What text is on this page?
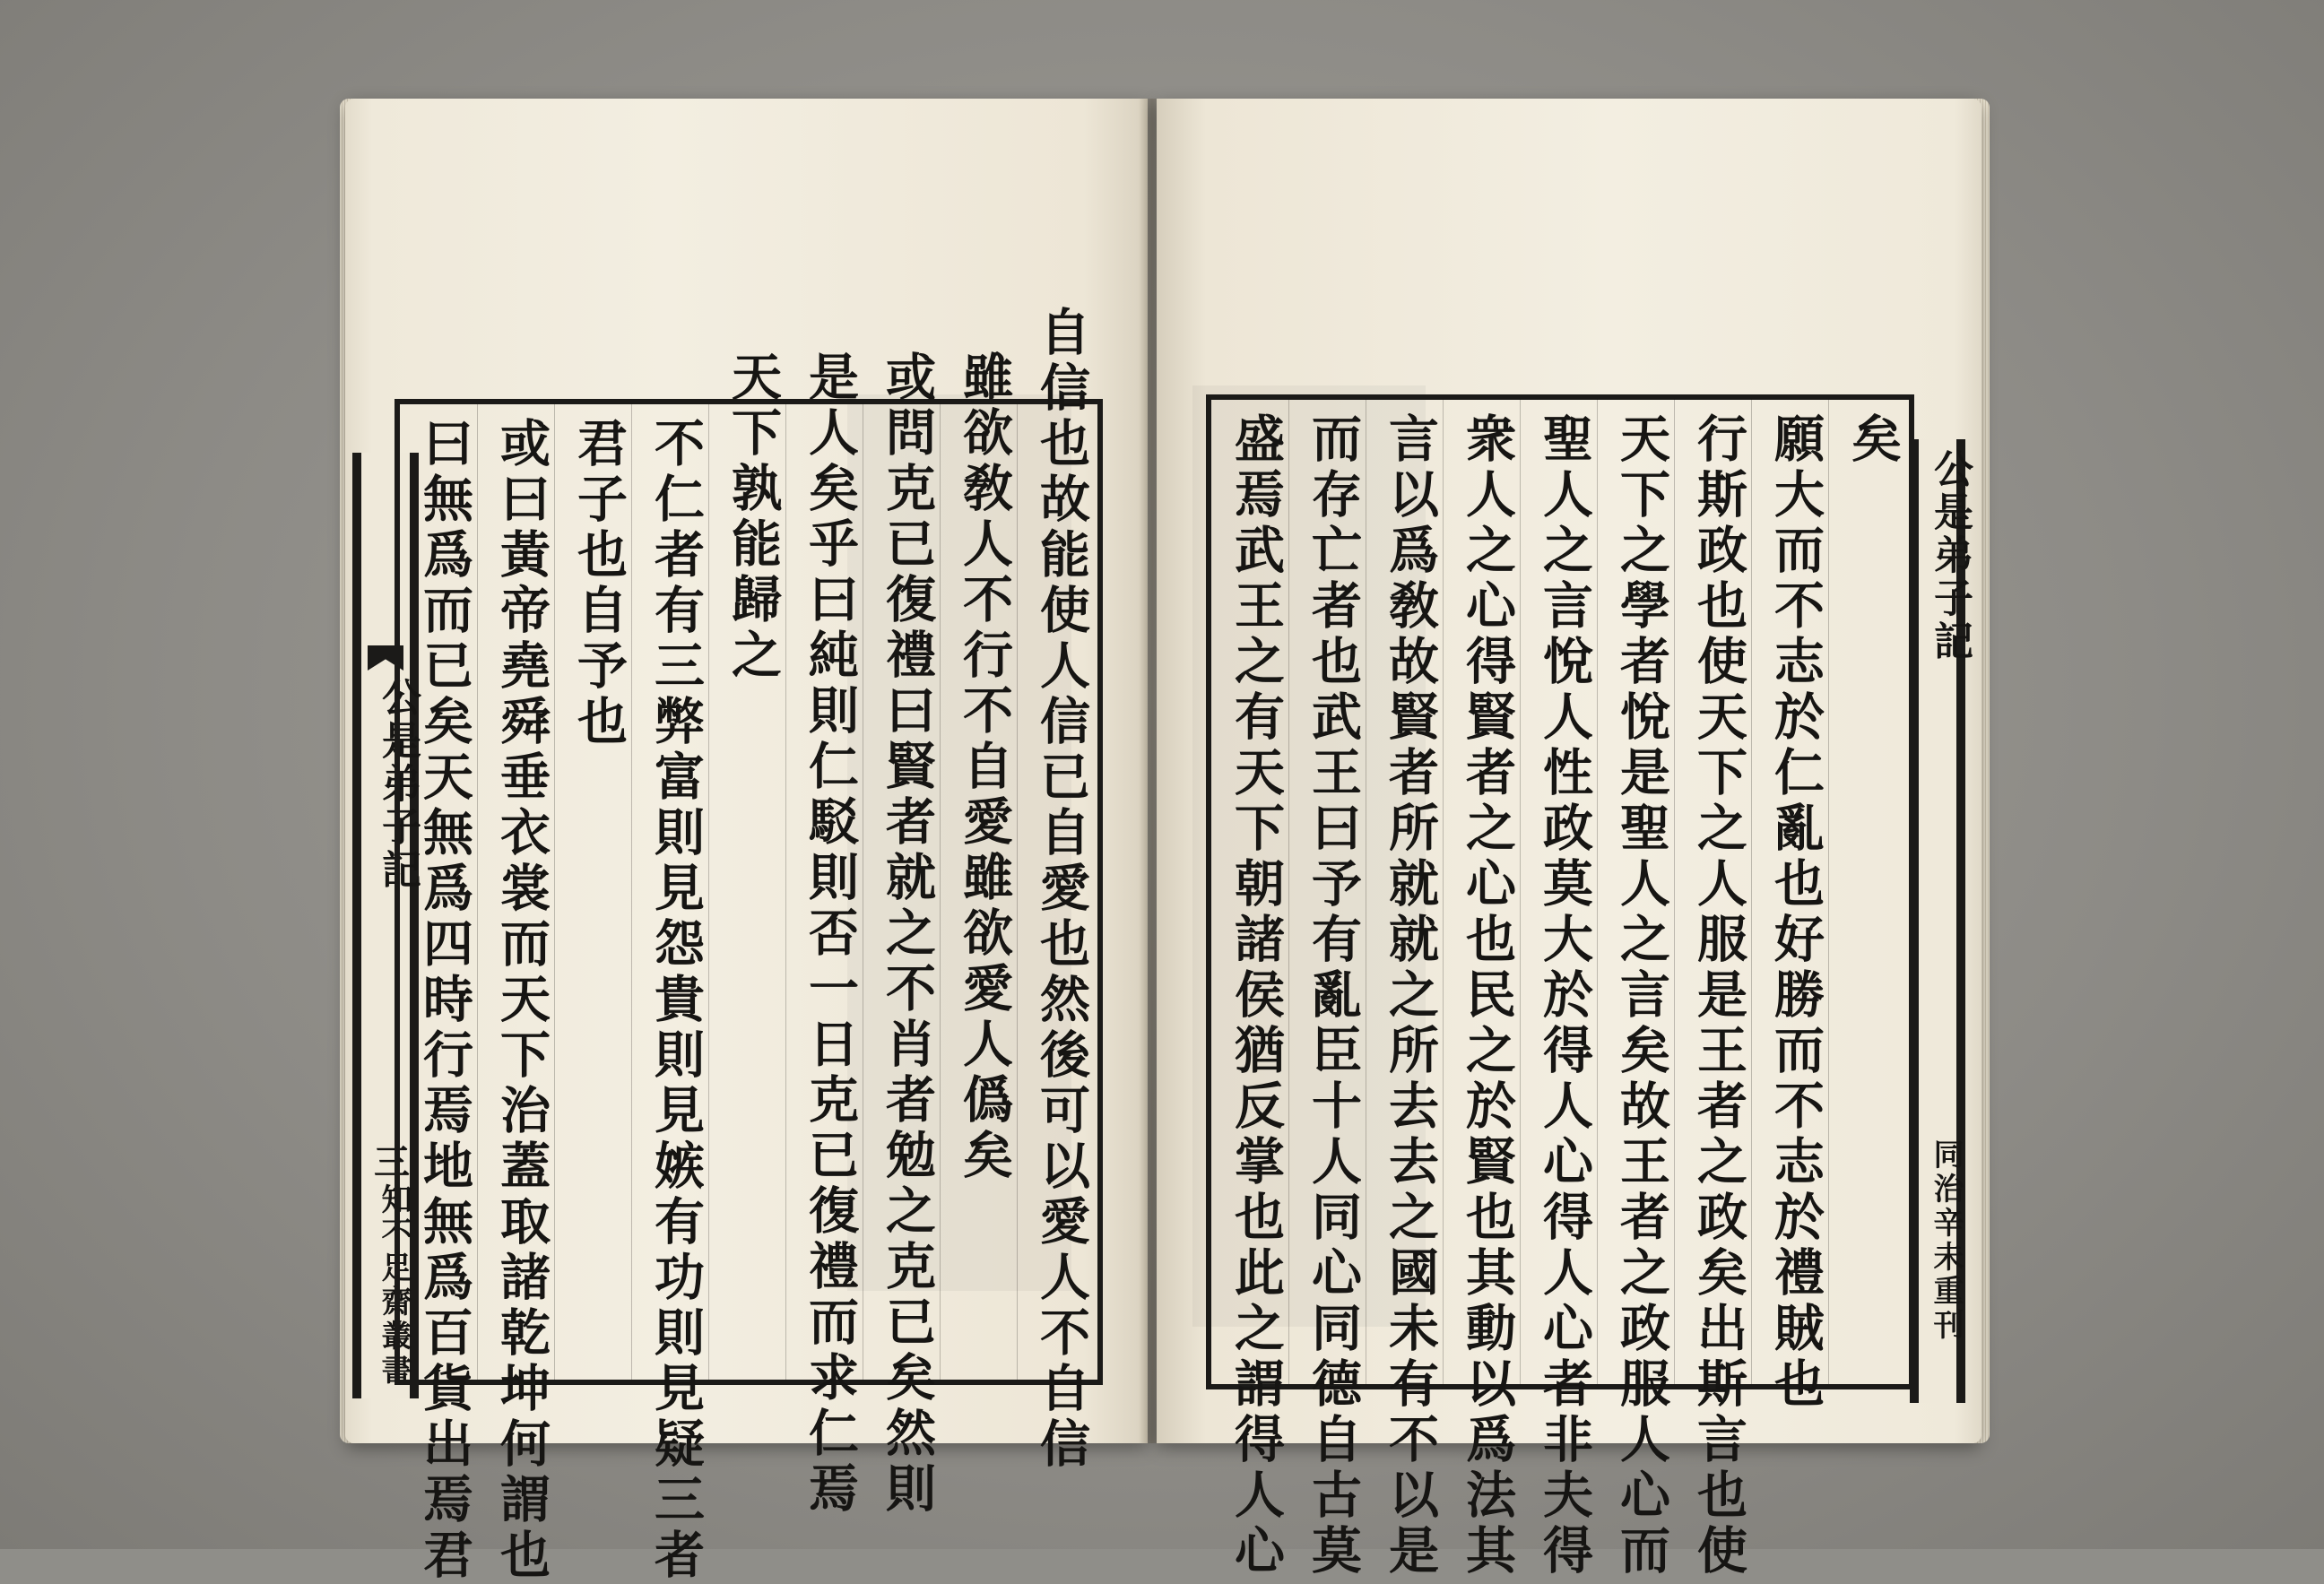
公是弟子記
三
知不足齋叢書	自信也故能使人信已自愛也然後可以愛人不自信
雖欲敎人不行不自愛雖欲愛人僞矣
或問克已復禮曰賢者就之不肖者勉之克已矣然則
是人矣乎曰純則仁駁則否一日克已復禮而求仁焉
天下孰能歸之
不仁者有三弊富則見怨貴則見嫉有功則見疑三者
君子也自予也
或曰黃帝堯舜垂衣裳而天下治蓋取諸乾坤何謂也
曰無爲而已矣天無爲四時行焉地無爲百貨出焉君	矣
願大而不志於仁亂也好勝而不志於禮賊也
行斯政也使天下之人服是王者之政矣出斯言也使
天下之學者悅是聖人之言矣故王者之政服人心而
聖人之言悅人性政莫大於得人心得人心者非夫得
衆人之心得賢者之心也民之於賢也其動以爲法其
言以爲敎故賢者所就就之所去去之國未有不以是
而存亡者也武王曰予有亂臣十人同心同德自古莫
盛焉武王之有天下朝諸侯猶反掌也此之謂得人心	公是弟子記
同治辛未重刊
